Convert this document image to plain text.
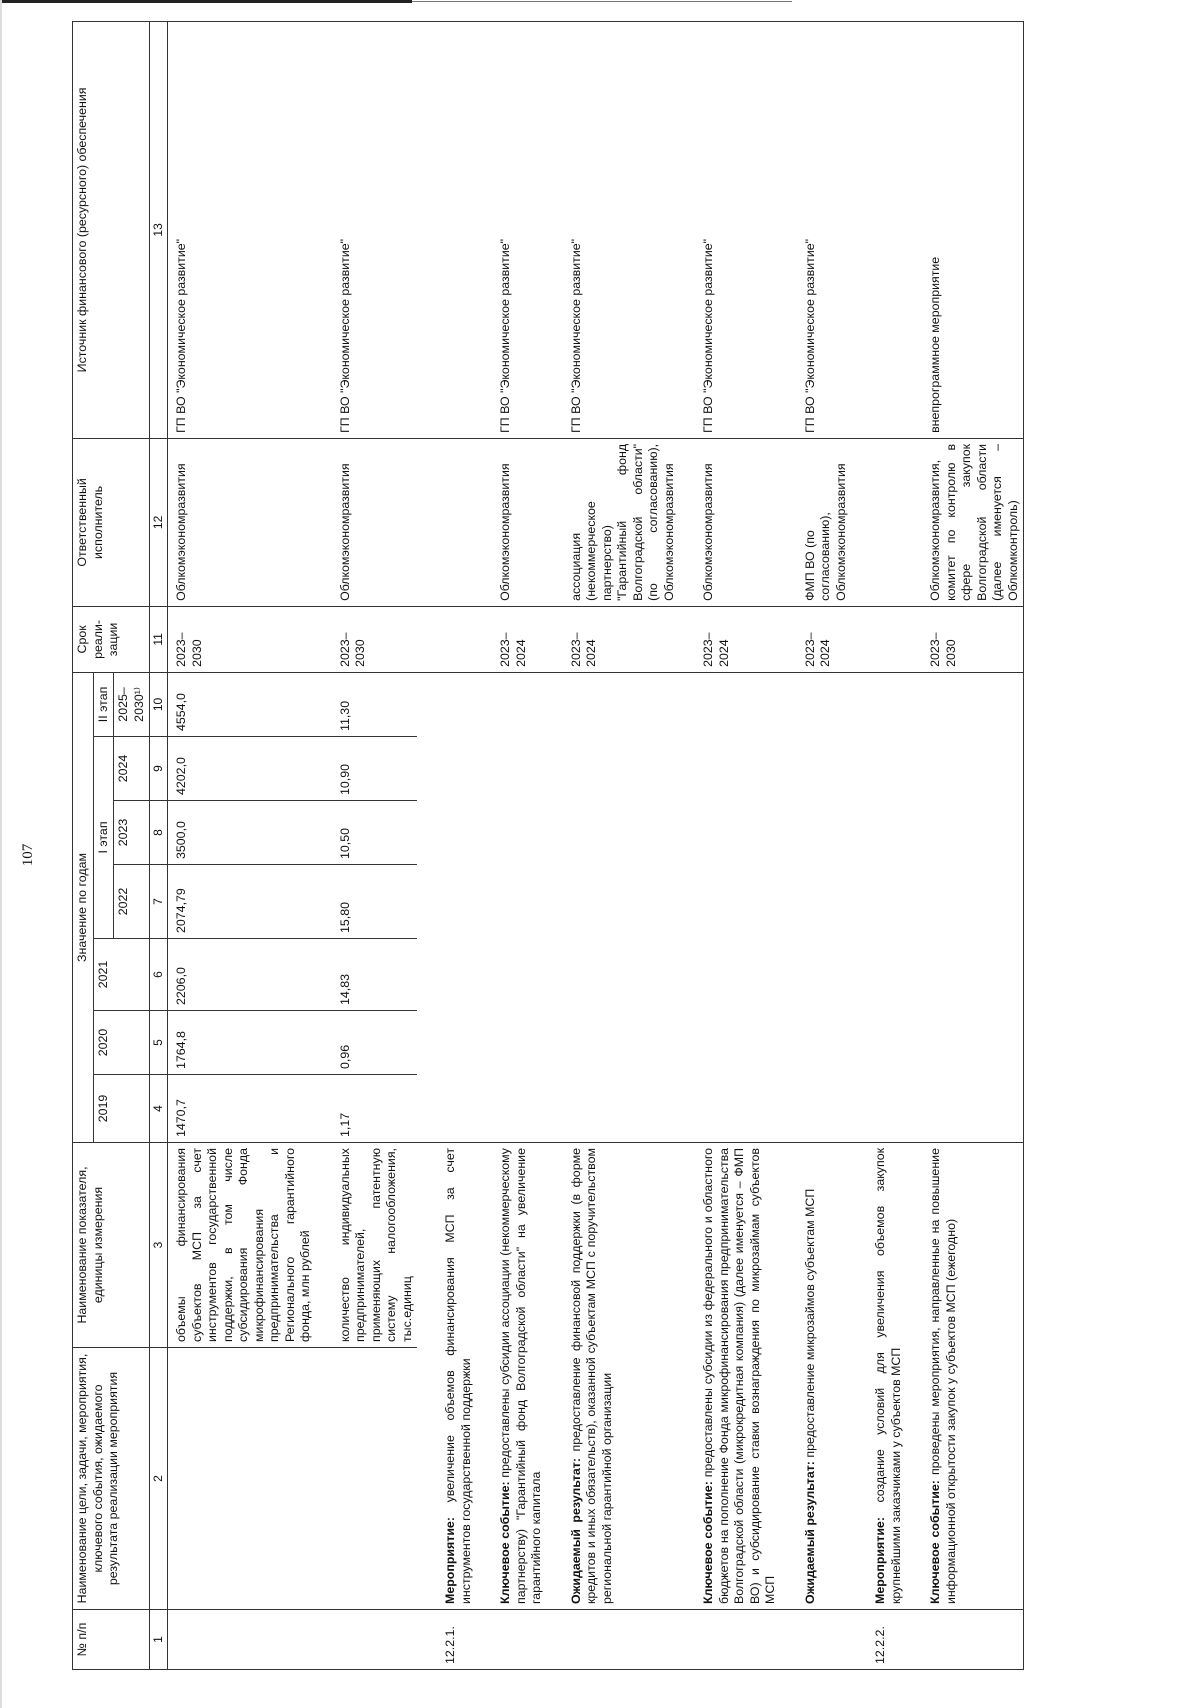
107
№ п/п	Наименование цели, задачи, мероприятия, ключевого события, ожидаемого результата реализации мероприятия	Наименование показателя, единицы измерения	Значение по годам							Срок реали-зации	Ответственный исполнитель	Источник финансового (ресурсного) обеспечения
			2019	2020	2021	I этап			II этап			
						2022	2023	2024	2025–2030¹⁾			

1	2	3	4	5	6	7	8	9	10	11	12	13
		объемы финансирования субъектов МСП за счет инструментов государственной поддержки, в том числе субсидирования Фонда микрофинансирования предпринимательства и Регионального гарантийного фонда, млн рублей	1470,7	1764,8	2206,0	2074,79	3500,0	4202,0	4554,0	2023–2030	Облкомэкономразвития	ГП ВО "Экономическое развитие"
		количество индивидуальных предпринимателей, применяющих патентную систему налогообложения, тыс.единиц	1,17	0,96	14,83	15,80	10,50	10,90	11,30	2023–2030	Облкомэкономразвития	ГП ВО "Экономическое развитие"
12.2.1.	Мероприятие: увеличение объемов финансирования МСП за счет инструментов государственной поддержки											
	Ключевое событие: предоставлены субсидии ассоциации (некоммерческому партнерству) "Гарантийный фонд Волгоградской области" на увеличение гарантийного капитала									2023–2024	Облкомэкономразвития	ГП ВО "Экономическое развитие"
	Ожидаемый результат: предоставление финансовой поддержки (в форме кредитов и иных обязательств), оказанной субъектам МСП с поручительством региональной гарантийной организации									2023–2024	ассоциация (некоммерческое партнерство) "Гарантийный фонд Волгоградской области" (по согласованию), Облкомэкономразвития	ГП ВО "Экономическое развитие"
	Ключевое событие: предоставлены субсидии из федерального и областного бюджетов на пополнение Фонда микрофинансирования предпринимательства Волгоградской области (микрокредитная компания) (далее именуется – ФМП ВО) и субсидирование ставки вознаграждения по микрозаймам субъектов МСП									2023–2024	Облкомэкономразвития	ГП ВО "Экономическое развитие"
	Ожидаемый результат: предоставление микрозаймов субъектам МСП									2023–2024	ФМП ВО (по согласованию), Облкомэкономразвития	ГП ВО "Экономическое развитие"
12.2.2.	Мероприятие: создание условий для увеличения объемов закупок крупнейшими заказчиками у субъектов МСП											
	Ключевое событие: проведены мероприятия, направленные на повышение информационной открытости закупок у субъектов МСП (ежегодно)									2023–2030	Облкомэкономразвития, комитет по контролю в сфере закупок Волгоградской области (далее именуется – Облкомконтроль)	внепрограммное мероприятие
